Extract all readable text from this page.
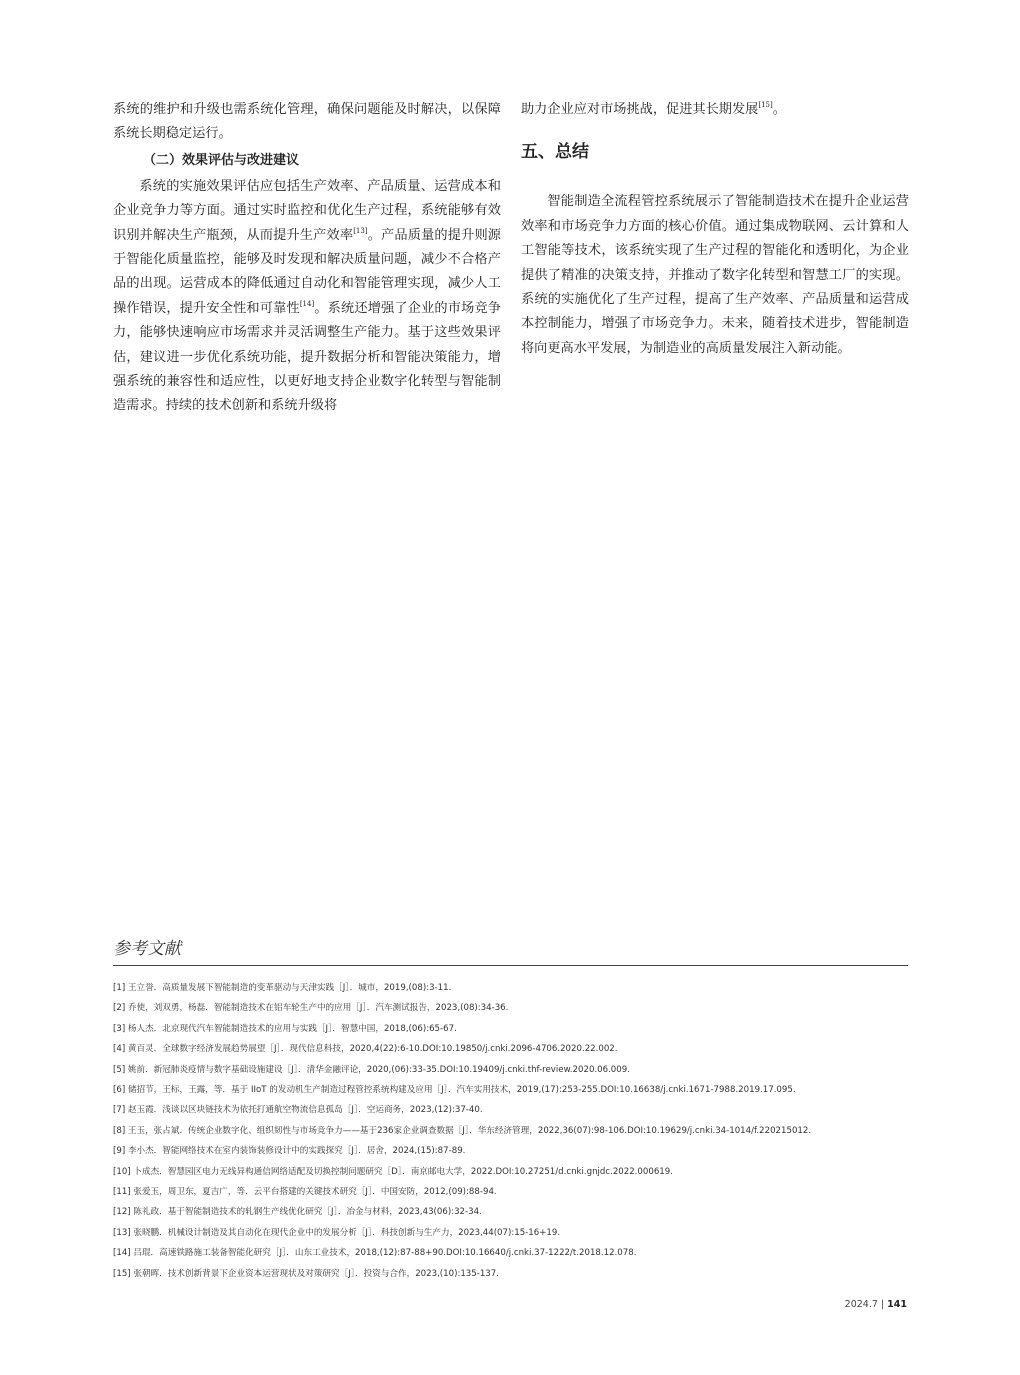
系统的维护和升级也需系统化管理，确保问题能及时解决，以保障系统长期稳定运行。

（二）效果评估与改进建议

系统的实施效果评估应包括生产效率、产品质量、运营成本和企业竞争力等方面。通过实时监控和优化生产过程，系统能够有效识别并解决生产瓶颈，从而提升生产效率[13]。产品质量的提升则源于智能化质量监控，能够及时发现和解决质量问题，减少不合格产品的出现。运营成本的降低通过自动化和智能管理实现，减少人工操作错误，提升安全性和可靠性[14]。系统还增强了企业的市场竞争力，能够快速响应市场需求并灵活调整生产能力。基于这些效果评估，建议进一步优化系统功能，提升数据分析和智能决策能力，增强系统的兼容性和适应性，以更好地支持企业数字化转型与智能制造需求。持续的技术创新和系统升级将

助力企业应对市场挑战，促进其长期发展[15]。

五、总结

智能制造全流程管控系统展示了智能制造技术在提升企业运营效率和市场竞争力方面的核心价值。通过集成物联网、云计算和人工智能等技术，该系统实现了生产过程的智能化和透明化，为企业提供了精准的决策支持，并推动了数字化转型和智慧工厂的实现。系统的实施优化了生产过程，提高了生产效率、产品质量和运营成本控制能力，增强了市场竞争力。未来，随着技术进步，智能制造将向更高水平发展，为制造业的高质量发展注入新动能。

参考文献
[1] 王立誉．高质量发展下智能制造的变革驱动与天津实践［J］．城市，2019,(08):3-11.
[2] 乔使，刘双勇，杨磊．智能制造技术在铝车轮生产中的应用［J］．汽车测试报告，2023,(08):34-36.
[3] 杨人杰．北京现代汽车智能制造技术的应用与实践［J］．智慧中国，2018,(06):65-67.
[4] 黄百灵．全球数字经济发展趋势展望［J］．现代信息科技，2020,4(22):6-10.DOI:10.19850/j.cnki.2096-4706.2020.22.002.
[5] 姚前．新冠肺炎疫情与数字基础设施建设［J］．清华金融评论，2020,(06):33-35.DOI:10.19409/j.cnki.thf-review.2020.06.009.
[6] 储招节，王标，王露，等．基于 IIoT 的发动机生产制造过程管控系统构建及应用［J］．汽车实用技术，2019,(17):253-255.DOI:10.16638/j.cnki.1671-7988.2019.17.095.
[7] 赵玉霞．浅谈以区块链技术为依托打通航空物流信息孤岛［J］．空运商务，2023,(12):37-40.
[8] 王玉，张占斌．传统企业数字化、组织韧性与市场竞争力——基于236家企业调查数据［J］．华东经济管理，2022,36(07):98-106.DOI:10.19629/j.cnki.34-1014/f.220215012.
[9] 李小杰．智能网络技术在室内装饰装修设计中的实践探究［J］．居舍，2024,(15):87-89.
[10] 卜成杰．智慧园区电力无线异构通信网络适配及切换控制问题研究［D］．南京邮电大学，2022.DOI:10.27251/d.cnki.gnjdc.2022.000619.
[11] 张爱玉，周卫东，夏吉广，等．云平台搭建的关键技术研究［J］．中国安防，2012,(09):88-94.
[12] 陈礼政．基于智能制造技术的轧钢生产线优化研究［J］．冶金与材料，2023,43(06):32-34.
[13] 张晓鹏．机械设计制造及其自动化在现代企业中的发展分析［J］．科技创新与生产力，2023,44(07):15-16+19.
[14] 吕琨．高速铁路施工装备智能化研究［J］．山东工业技术，2018,(12):87-88+90.DOI:10.16640/j.cnki.37-1222/t.2018.12.078.
[15] 张朝晖．技术创新背景下企业资本运营现状及对策研究［J］．投资与合作，2023,(10):135-137.
2024.7 | 141
